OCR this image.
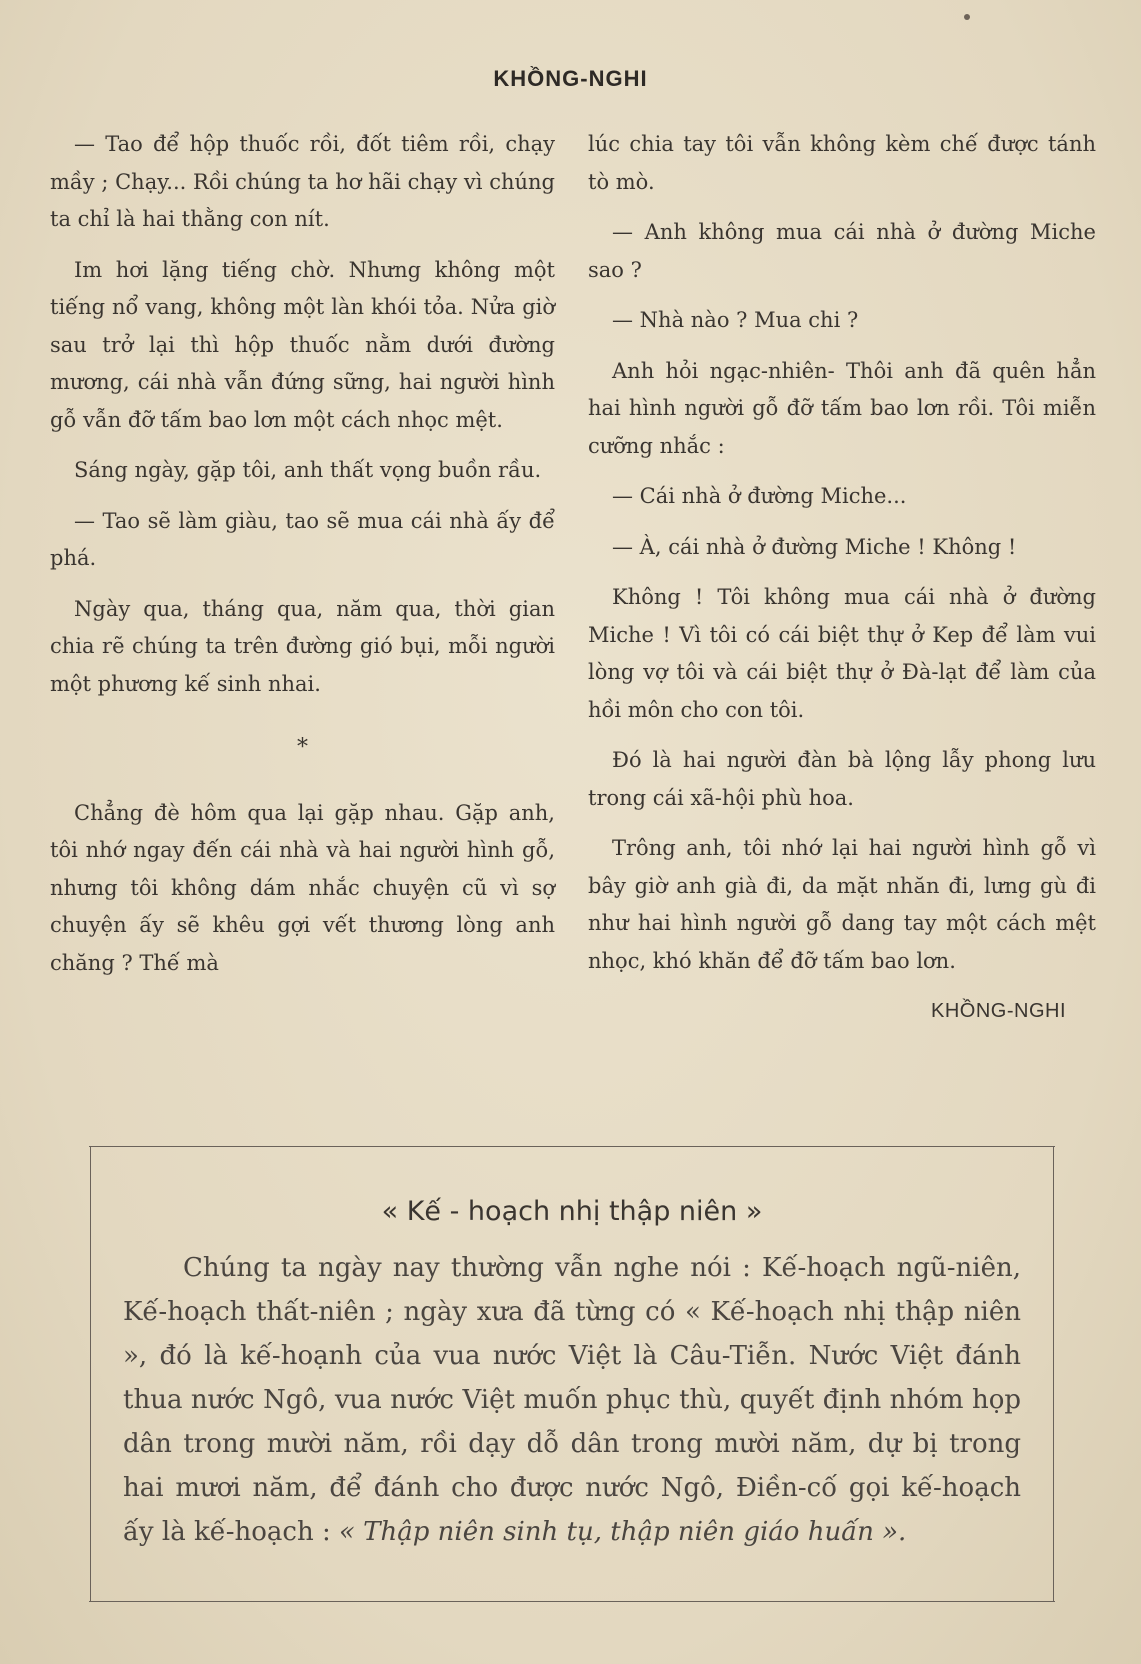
KHỒNG-NGHI

— Tao để hộp thuốc rồi, đốt tiêm rồi, chạy mầy ; Chạy... Rồi chúng ta hơ hãi chạy vì chúng ta chỉ là hai thằng con nít.

Im hơi lặng tiếng chờ. Nhưng không một tiếng nổ vang, không một làn khói tỏa. Nửa giờ sau trở lại thì hộp thuốc nằm dưới đường mương, cái nhà vẫn đứng sững, hai người hình gỗ vẫn đỡ tấm bao lơn một cách nhọc mệt.

Sáng ngày, gặp tôi, anh thất vọng buồn rầu.

— Tao sẽ làm giàu, tao sẽ mua cái nhà ấy để phá.

Ngày qua, tháng qua, năm qua, thời gian chia rẽ chúng ta trên đường gió bụi, mỗi người một phương kế sinh nhai.

*

Chẳng đè hôm qua lại gặp nhau. Gặp anh, tôi nhớ ngay đến cái nhà và hai người hình gỗ, nhưng tôi không dám nhắc chuyện cũ vì sợ chuyện ấy sẽ khêu gợi vết thương lòng anh chăng ? Thế mà

lúc chia tay tôi vẫn không kèm chế được tánh tò mò.

— Anh không mua cái nhà ở đường Miche sao ?

— Nhà nào ? Mua chi ?

Anh hỏi ngạc-nhiên- Thôi anh đã quên hẳn hai hình người gỗ đỡ tấm bao lơn rồi. Tôi miễn cưỡng nhắc :

— Cái nhà ở đường Miche...

— À, cái nhà ở đường Miche ! Không !

Không ! Tôi không mua cái nhà ở đường Miche ! Vì tôi có cái biệt thự ở Kep để làm vui lòng vợ tôi và cái biệt thự ở Đà-lạt để làm của hồi môn cho con tôi.

Đó là hai người đàn bà lộng lẫy phong lưu trong cái xã-hội phù hoa.

Trông anh, tôi nhớ lại hai người hình gỗ vì bây giờ anh già đi, da mặt nhăn đi, lưng gù đi như hai hình người gỗ dang tay một cách mệt nhọc, khó khăn để đỡ tấm bao lơn.

KHỒNG-NGHI
« Kế - hoạch nhị thập niên »
Chúng ta ngày nay thường vẫn nghe nói : Kế-hoạch ngũ-niên, Kế-hoạch thất-niên ; ngày xưa đã từng có « Kế-hoạch nhị thập niên », đó là kế-hoạnh của vua nước Việt là Câu-Tiễn. Nước Việt đánh thua nước Ngô, vua nước Việt muốn phục thù, quyết định nhóm họp dân trong mười năm, rồi dạy dỗ dân trong mười năm, dự bị trong hai mươi năm, để đánh cho được nước Ngô, Điền-cố gọi kế-hoạch ấy là kế-hoạch : « Thập niên sinh tụ, thập niên giáo huấn ».
